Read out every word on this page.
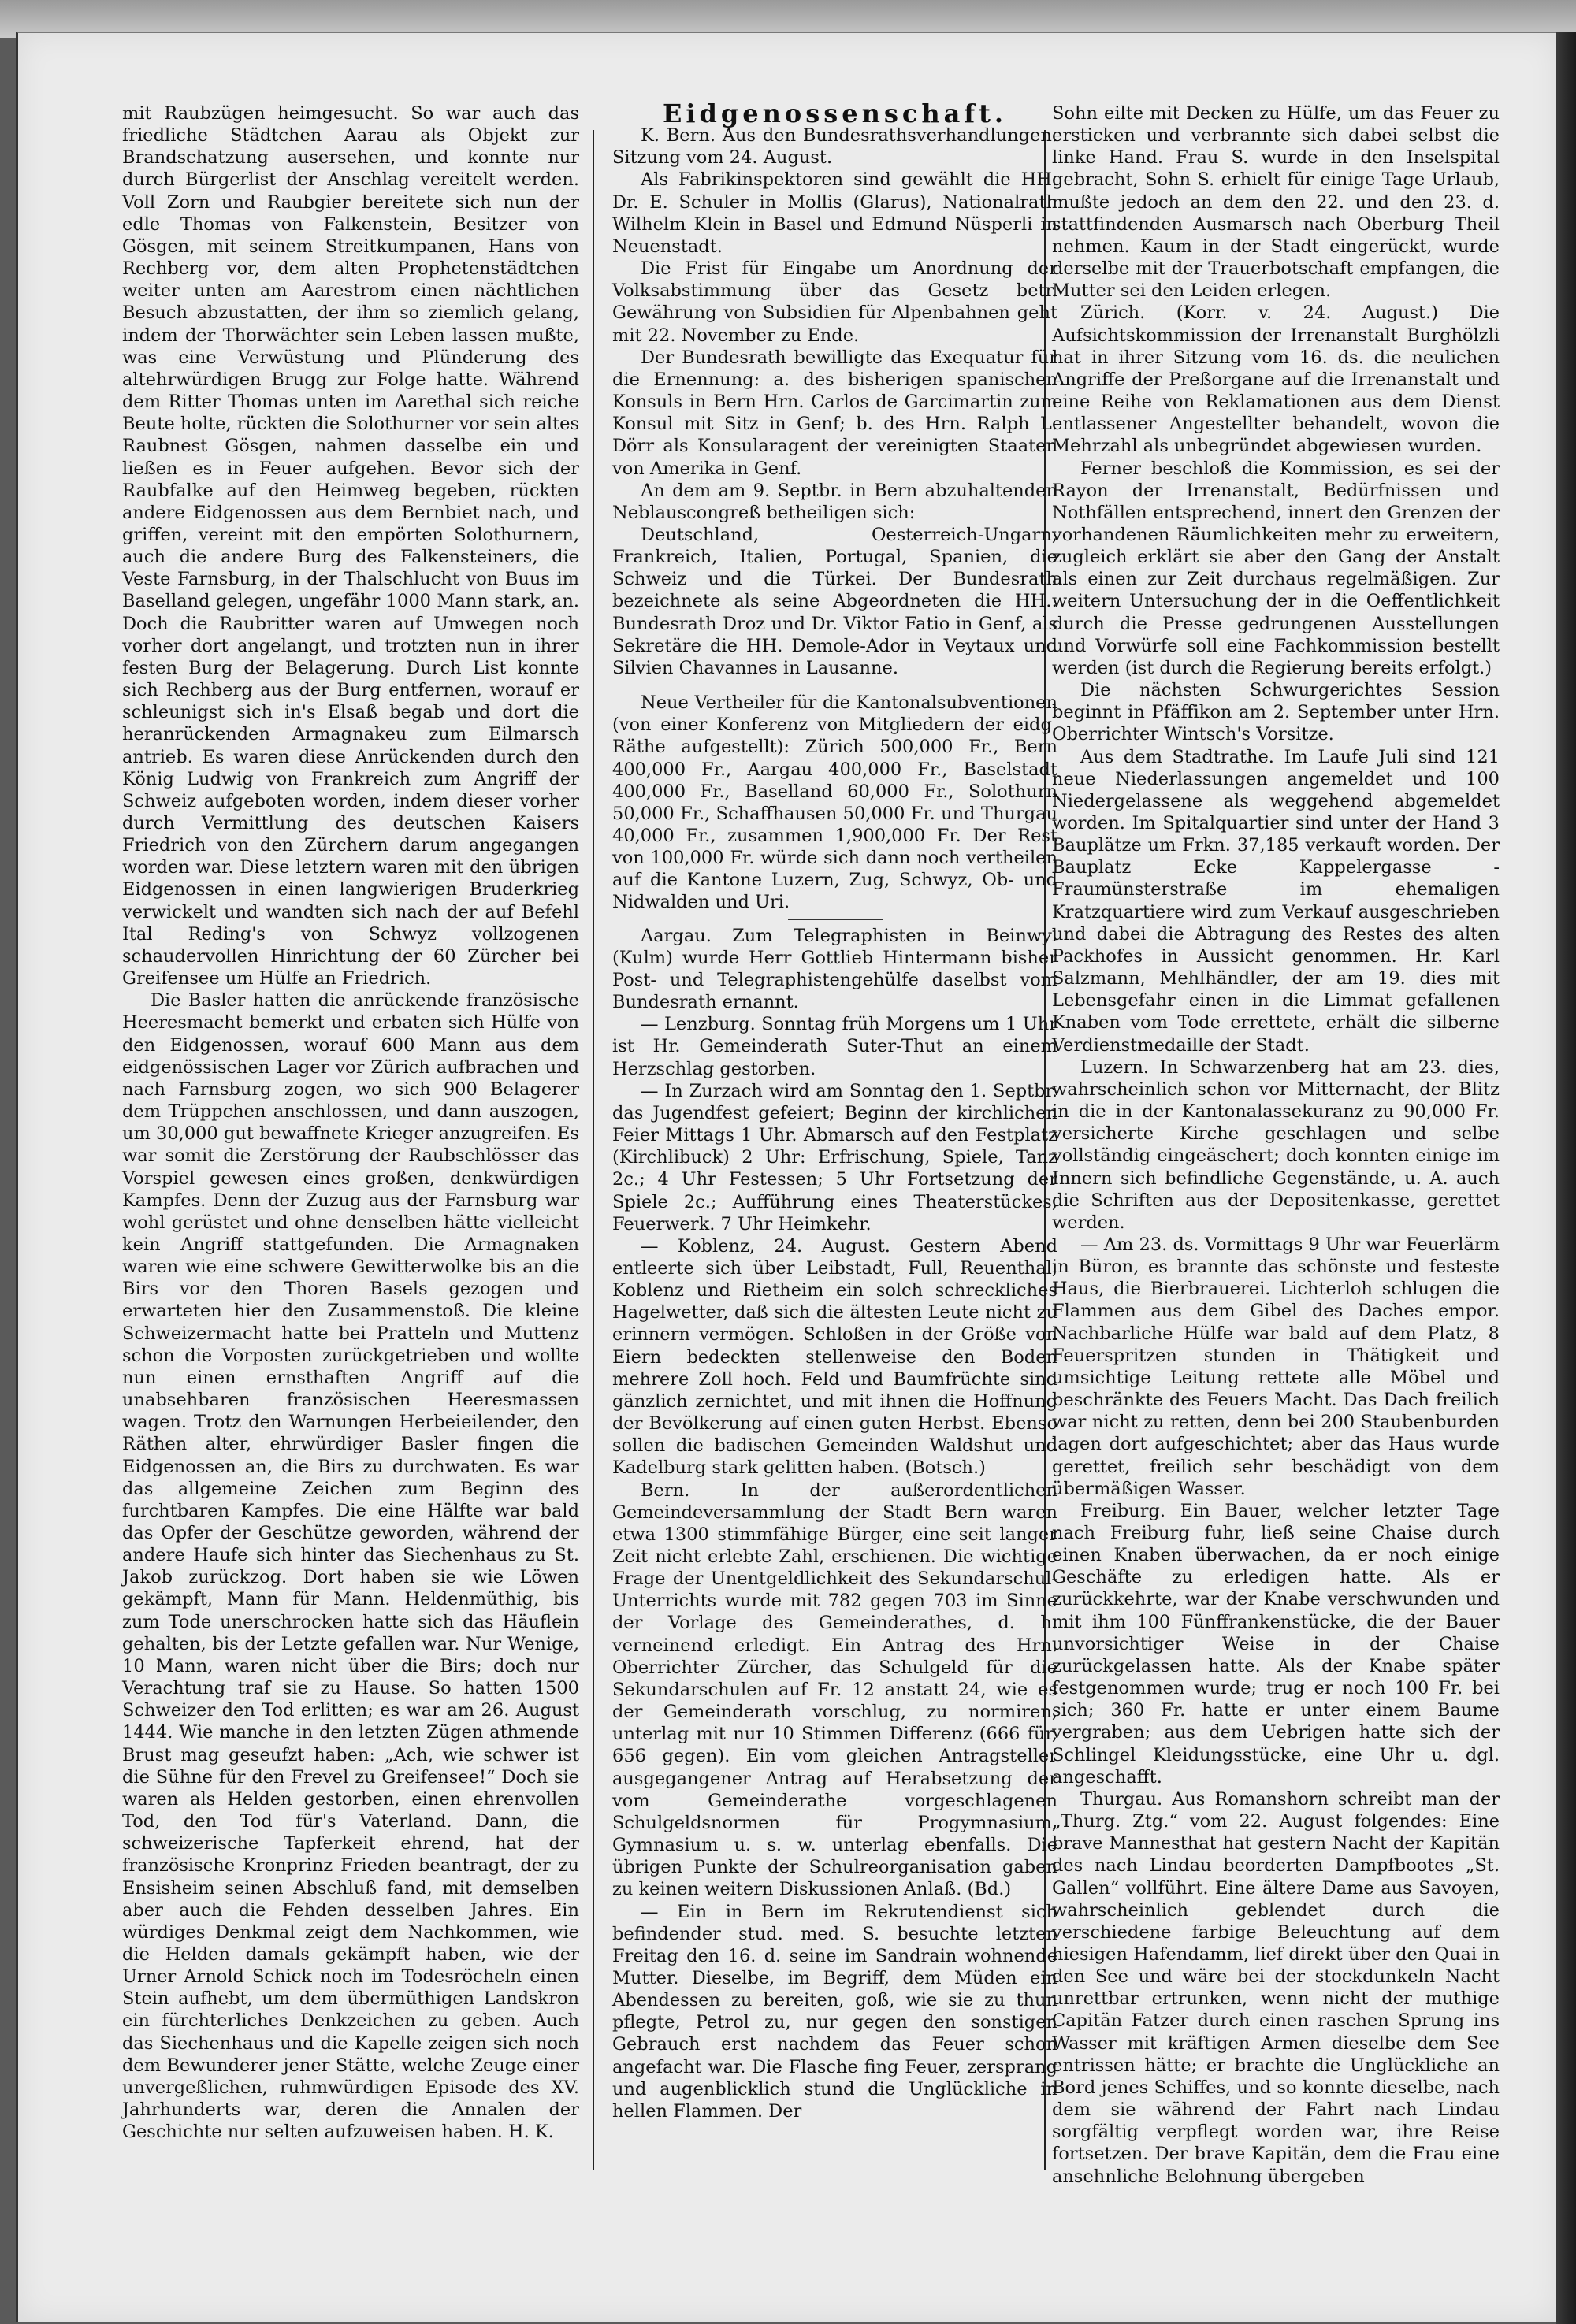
mit Raubzügen heimgesucht. So war auch das friedliche Städtchen Aarau als Objekt zur Brandschatzung ausersehen, und konnte nur durch Bürgerlist der Anschlag vereitelt werden. Voll Zorn und Raubgier bereitete sich nun der edle Thomas von Falkenstein, Besitzer von Gösgen, mit seinem Streitkumpanen, Hans von Rechberg vor, dem alten Prophetenstädtchen weiter unten am Aarestrom einen nächtlichen Besuch abzustatten, der ihm so ziemlich gelang, indem der Thorwächter sein Leben lassen mußte, was eine Verwüstung und Plünderung des altehrwürdigen Brugg zur Folge hatte. Während dem Ritter Thomas unten im Aarethal sich reiche Beute holte, rückten die Solothurner vor sein altes Raubnest Gösgen, nahmen dasselbe ein und ließen es in Feuer aufgehen. Bevor sich der Raubfalke auf den Heimweg begeben, rückten andere Eidgenossen aus dem Bernbiet nach, und griffen, vereint mit den empörten Solothurnern, auch die andere Burg des Falkensteiners, die Veste Farnsburg, in der Thalschlucht von Buus im Baselland gelegen, ungefähr 1000 Mann stark, an. Doch die Raubritter waren auf Umwegen noch vorher dort angelangt, und trotzten nun in ihrer festen Burg der Belagerung. Durch List konnte sich Rechberg aus der Burg entfernen, worauf er schleunigst sich in's Elsaß begab und dort die heranrückenden Armagnakeu zum Eilmarsch antrieb. Es waren diese Anrückenden durch den König Ludwig von Frankreich zum Angriff der Schweiz aufgeboten worden, indem dieser vorher durch Vermittlung des deutschen Kaisers Friedrich von den Zürchern darum angegangen worden war. Diese letztern waren mit den übrigen Eidgenossen in einen langwierigen Bruderkrieg verwickelt und wandten sich nach der auf Befehl Ital Reding's von Schwyz vollzogenen schaudervollen Hinrichtung der 60 Zürcher bei Greifensee um Hülfe an Friedrich.

Die Basler hatten die anrückende französische Heeresmacht bemerkt und erbaten sich Hülfe von den Eidgenossen, worauf 600 Mann aus dem eidgenössischen Lager vor Zürich aufbrachen und nach Farnsburg zogen, wo sich 900 Belagerer dem Trüppchen anschlossen, und dann auszogen, um 30,000 gut bewaffnete Krieger anzugreifen. Es war somit die Zerstörung der Raubschlösser das Vorspiel gewesen eines großen, denkwürdigen Kampfes. Denn der Zuzug aus der Farnsburg war wohl gerüstet und ohne denselben hätte vielleicht kein Angriff stattgefunden. Die Armagnaken waren wie eine schwere Gewitterwolke bis an die Birs vor den Thoren Basels gezogen und erwarteten hier den Zusammenstoß. Die kleine Schweizermacht hatte bei Pratteln und Muttenz schon die Vorposten zurückgetrieben und wollte nun einen ernsthaften Angriff auf die unabsehbaren französischen Heeresmassen wagen. Trotz den Warnungen Herbeieilender, den Räthen alter, ehrwürdiger Basler fingen die Eidgenossen an, die Birs zu durchwaten. Es war das allgemeine Zeichen zum Beginn des furchtbaren Kampfes. Die eine Hälfte war bald das Opfer der Geschütze geworden, während der andere Haufe sich hinter das Siechenhaus zu St. Jakob zurückzog. Dort haben sie wie Löwen gekämpft, Mann für Mann. Heldenmüthig, bis zum Tode unerschrocken hatte sich das Häuflein gehalten, bis der Letzte gefallen war. Nur Wenige, 10 Mann, waren nicht über die Birs; doch nur Verachtung traf sie zu Hause. So hatten 1500 Schweizer den Tod erlitten; es war am 26. August 1444. Wie manche in den letzten Zügen athmende Brust mag geseufzt haben: „Ach, wie schwer ist die Sühne für den Frevel zu Greifensee!“ Doch sie waren als Helden gestorben, einen ehrenvollen Tod, den Tod für's Vaterland. Dann, die schweizerische Tapferkeit ehrend, hat der französische Kronprinz Frieden beantragt, der zu Ensisheim seinen Abschluß fand, mit demselben aber auch die Fehden desselben Jahres. Ein würdiges Denkmal zeigt dem Nachkommen, wie die Helden damals gekämpft haben, wie der Urner Arnold Schick noch im Todesröcheln einen Stein aufhebt, um dem übermüthigen Landskron ein fürchterliches Denkzeichen zu geben. Auch das Siechenhaus und die Kapelle zeigen sich noch dem Bewunderer jener Stätte, welche Zeuge einer unvergeßlichen, ruhmwürdigen Episode des XV. Jahrhunderts war, deren die Annalen der Geschichte nur selten aufzuweisen haben. H. K.

Eidgenossenschaft.

K. Bern. Aus den Bundesrathsverhandlungen. Sitzung vom 24. August.

Als Fabrikinspektoren sind gewählt die HH. Dr. E. Schuler in Mollis (Glarus), Nationalrath Wilhelm Klein in Basel und Edmund Nüsperli in Neuenstadt.

Die Frist für Eingabe um Anordnung der Volksabstimmung über das Gesetz betr. Gewährung von Subsidien für Alpenbahnen geht mit 22. November zu Ende.

Der Bundesrath bewilligte das Exequatur für die Ernennung: a. des bisherigen spanischen Konsuls in Bern Hrn. Carlos de Garcimartin zum Konsul mit Sitz in Genf; b. des Hrn. Ralph L. Dörr als Konsularagent der vereinigten Staaten von Amerika in Genf.

An dem am 9. Septbr. in Bern abzuhaltenden Neblauscongreß betheiligen sich:

Deutschland, Oesterreich-Ungarn, Frankreich, Italien, Portugal, Spanien, die Schweiz und die Türkei. Der Bundesrath bezeichnete als seine Abgeordneten die HH.: Bundesrath Droz und Dr. Viktor Fatio in Genf, als Sekretäre die HH. Demole-Ador in Veytaux und Silvien Chavannes in Lausanne.

Neue Vertheiler für die Kantonalsubventionen (von einer Konferenz von Mitgliedern der eidg. Räthe aufgestellt): Zürich 500,000 Fr., Bern 400,000 Fr., Aargau 400,000 Fr., Baselstadt 400,000 Fr., Baselland 60,000 Fr., Solothurn 50,000 Fr., Schaffhausen 50,000 Fr. und Thurgau 40,000 Fr., zusammen 1,900,000 Fr. Der Rest von 100,000 Fr. würde sich dann noch vertheilen auf die Kantone Luzern, Zug, Schwyz, Ob- und Nidwalden und Uri.

Aargau. Zum Telegraphisten in Beinwyl (Kulm) wurde Herr Gottlieb Hintermann bisher Post- und Telegraphistengehülfe daselbst vom Bundesrath ernannt.

— Lenzburg. Sonntag früh Morgens um 1 Uhr ist Hr. Gemeinderath Suter-Thut an einem Herzschlag gestorben.

— In Zurzach wird am Sonntag den 1. Septbr. das Jugendfest gefeiert; Beginn der kirchlichen Feier Mittags 1 Uhr. Abmarsch auf den Festplatz (Kirchlibuck) 2 Uhr: Erfrischung, Spiele, Tanz 2c.; 4 Uhr Festessen; 5 Uhr Fortsetzung der Spiele 2c.; Aufführung eines Theaterstückes, Feuerwerk. 7 Uhr Heimkehr.

— Koblenz, 24. August. Gestern Abend entleerte sich über Leibstadt, Full, Reuenthal, Koblenz und Rietheim ein solch schreckliches Hagelwetter, daß sich die ältesten Leute nicht zu erinnern vermögen. Schloßen in der Größe von Eiern bedeckten stellenweise den Boden mehrere Zoll hoch. Feld und Baumfrüchte sind gänzlich zernichtet, und mit ihnen die Hoffnung der Bevölkerung auf einen guten Herbst. Ebenso sollen die badischen Gemeinden Waldshut und Kadelburg stark gelitten haben. (Botsch.)

Bern. In der außerordentlichen Gemeindeversammlung der Stadt Bern waren etwa 1300 stimmfähige Bürger, eine seit langer Zeit nicht erlebte Zahl, erschienen. Die wichtige Frage der Unentgeldlichkeit des Sekundarschul-Unterrichts wurde mit 782 gegen 703 im Sinne der Vorlage des Gemeinderathes, d. h. verneinend erledigt. Ein Antrag des Hrn. Oberrichter Zürcher, das Schulgeld für die Sekundarschulen auf Fr. 12 anstatt 24, wie es der Gemeinderath vorschlug, zu normiren, unterlag mit nur 10 Stimmen Differenz (666 für, 656 gegen). Ein vom gleichen Antragsteller ausgegangener Antrag auf Herabsetzung der vom Gemeinderathe vorgeschlagenen Schulgeldsnormen für Progymnasium, Gymnasium u. s. w. unterlag ebenfalls. Die übrigen Punkte der Schulreorganisation gaben zu keinen weitern Diskussionen Anlaß. (Bd.)

— Ein in Bern im Rekrutendienst sich befindender stud. med. S. besuchte letzten Freitag den 16. d. seine im Sandrain wohnende Mutter. Dieselbe, im Begriff, dem Müden ein Abendessen zu bereiten, goß, wie sie zu thun pflegte, Petrol zu, nur gegen den sonstigen Gebrauch erst nachdem das Feuer schon angefacht war. Die Flasche fing Feuer, zersprang und augenblicklich stund die Unglückliche in hellen Flammen. Der

Sohn eilte mit Decken zu Hülfe, um das Feuer zu ersticken und verbrannte sich dabei selbst die linke Hand. Frau S. wurde in den Inselspital gebracht, Sohn S. erhielt für einige Tage Urlaub, mußte jedoch an dem den 22. und den 23. d. stattfindenden Ausmarsch nach Oberburg Theil nehmen. Kaum in der Stadt eingerückt, wurde derselbe mit der Trauerbotschaft empfangen, die Mutter sei den Leiden erlegen.

Zürich. (Korr. v. 24. August.) Die Aufsichtskommission der Irrenanstalt Burghölzli hat in ihrer Sitzung vom 16. ds. die neulichen Angriffe der Preßorgane auf die Irrenanstalt und eine Reihe von Reklamationen aus dem Dienst entlassener Angestellter behandelt, wovon die Mehrzahl als unbegründet abgewiesen wurden.

Ferner beschloß die Kommission, es sei der Rayon der Irrenanstalt, Bedürfnissen und Nothfällen entsprechend, innert den Grenzen der vorhandenen Räumlichkeiten mehr zu erweitern, zugleich erklärt sie aber den Gang der Anstalt als einen zur Zeit durchaus regelmäßigen. Zur weitern Untersuchung der in die Oeffentlichkeit durch die Presse gedrungenen Ausstellungen und Vorwürfe soll eine Fachkommission bestellt werden (ist durch die Regierung bereits erfolgt.)

Die nächsten Schwurgerichtes Session beginnt in Pfäffikon am 2. September unter Hrn. Oberrichter Wintsch's Vorsitze.

Aus dem Stadtrathe. Im Laufe Juli sind 121 neue Niederlassungen angemeldet und 100 Niedergelassene als weggehend abgemeldet worden. Im Spitalquartier sind unter der Hand 3 Bauplätze um Frkn. 37,185 verkauft worden. Der Bauplatz Ecke Kappelergasse - Fraumünsterstraße im ehemaligen Kratzquartiere wird zum Verkauf ausgeschrieben und dabei die Abtragung des Restes des alten Packhofes in Aussicht genommen. Hr. Karl Salzmann, Mehlhändler, der am 19. dies mit Lebensgefahr einen in die Limmat gefallenen Knaben vom Tode errettete, erhält die silberne Verdienstmedaille der Stadt.

Luzern. In Schwarzenberg hat am 23. dies, wahrscheinlich schon vor Mitternacht, der Blitz in die in der Kantonalassekuranz zu 90,000 Fr. versicherte Kirche geschlagen und selbe vollständig eingeäschert; doch konnten einige im Innern sich befindliche Gegenstände, u. A. auch die Schriften aus der Depositenkasse, gerettet werden.

— Am 23. ds. Vormittags 9 Uhr war Feuerlärm in Büron, es brannte das schönste und festeste Haus, die Bierbrauerei. Lichterloh schlugen die Flammen aus dem Gibel des Daches empor. Nachbarliche Hülfe war bald auf dem Platz, 8 Feuerspritzen stunden in Thätigkeit und umsichtige Leitung rettete alle Möbel und beschränkte des Feuers Macht. Das Dach freilich war nicht zu retten, denn bei 200 Staubenburden lagen dort aufgeschichtet; aber das Haus wurde gerettet, freilich sehr beschädigt von dem übermäßigen Wasser.

Freiburg. Ein Bauer, welcher letzter Tage nach Freiburg fuhr, ließ seine Chaise durch einen Knaben überwachen, da er noch einige Geschäfte zu erledigen hatte. Als er zurückkehrte, war der Knabe verschwunden und mit ihm 100 Fünffrankenstücke, die der Bauer unvorsichtiger Weise in der Chaise zurückgelassen hatte. Als der Knabe später festgenommen wurde; trug er noch 100 Fr. bei sich; 360 Fr. hatte er unter einem Baume vergraben; aus dem Uebrigen hatte sich der Schlingel Kleidungsstücke, eine Uhr u. dgl. angeschafft.

Thurgau. Aus Romanshorn schreibt man der „Thurg. Ztg.“ vom 22. August folgendes: Eine brave Mannesthat hat gestern Nacht der Kapitän des nach Lindau beorderten Dampfbootes „St. Gallen“ vollführt. Eine ältere Dame aus Savoyen, wahrscheinlich geblendet durch die verschiedene farbige Beleuchtung auf dem hiesigen Hafendamm, lief direkt über den Quai in den See und wäre bei der stockdunkeln Nacht unrettbar ertrunken, wenn nicht der muthige Capitän Fatzer durch einen raschen Sprung ins Wasser mit kräftigen Armen dieselbe dem See entrissen hätte; er brachte die Unglückliche an Bord jenes Schiffes, und so konnte dieselbe, nach dem sie während der Fahrt nach Lindau sorgfältig verpflegt worden war, ihre Reise fortsetzen. Der brave Kapitän, dem die Frau eine ansehnliche Belohnung übergeben
